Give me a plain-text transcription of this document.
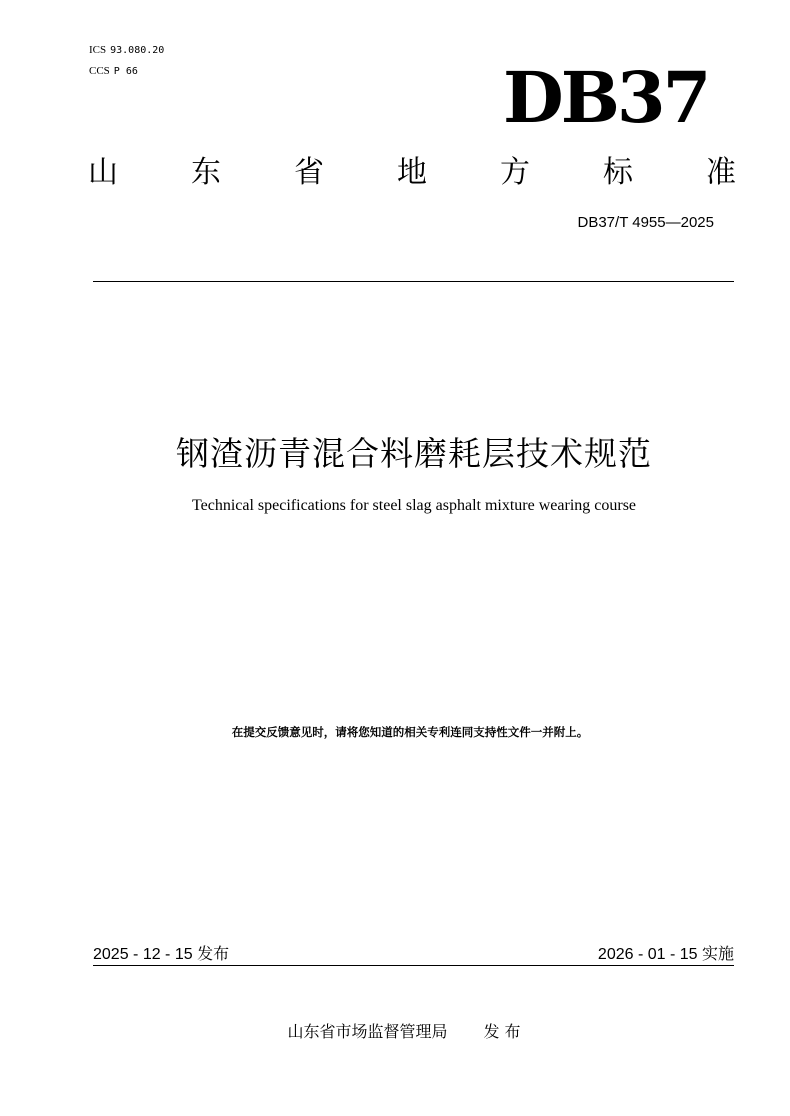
ICS 93.080.20
CCS P 66	DB37
山 东 省 地 方 标 准
DB37/T 4955—2025
钢渣沥青混合料磨耗层技术规范
Technical specifications for steel slag asphalt mixture wearing course
在提交反馈意见时，请将您知道的相关专利连同支持性文件一并附上。
2025 - 12 - 15 发布	2026 - 01 - 15 实施
山东省市场监督管理局 发 布
